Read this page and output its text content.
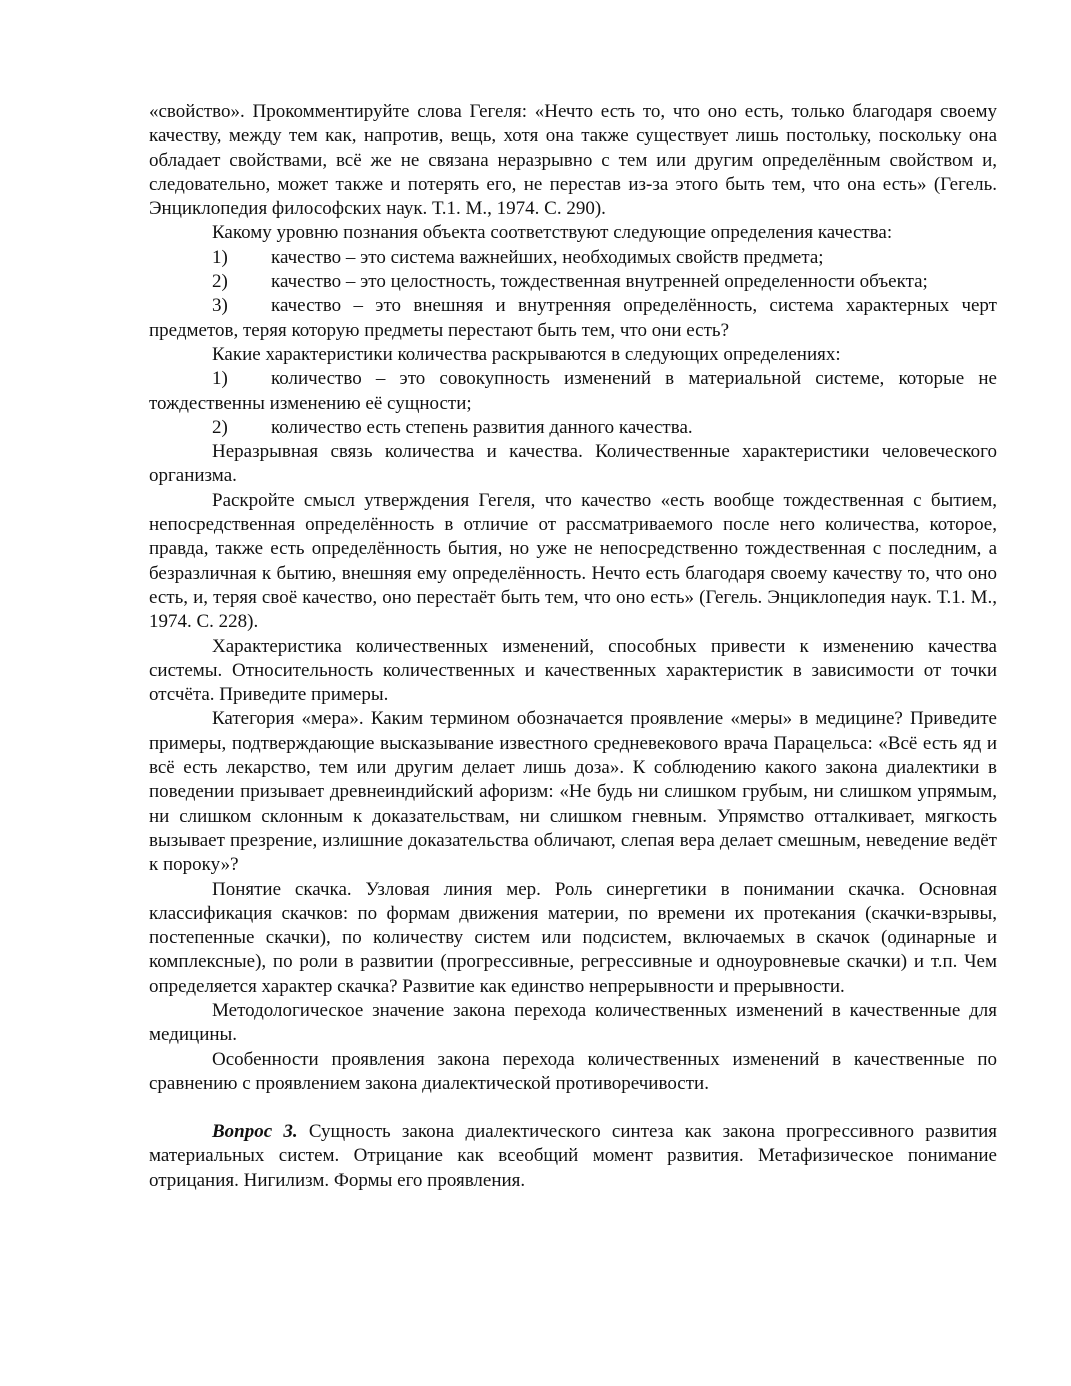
«свойство». Прокомментируйте слова Гегеля: «Нечто есть то, что оно есть, только благодаря своему качеству, между тем как, напротив, вещь, хотя она также существует лишь постольку, поскольку она обладает свойствами, всё же не связана неразрывно с тем или другим определённым свойством и, следовательно, может также и потерять его, не перестав из-за этого быть тем, что она есть» (Гегель. Энциклопедия философских наук. Т.1. М., 1974. С. 290).

Какому уровню познания объекта соответствуют следующие определения качества:

1) качество – это система важнейших, необходимых свойств предмета;

2) качество – это целостность, тождественная внутренней определенности объекта;

3) качество – это внешняя и внутренняя определённость, система характерных черт предметов, теряя которую предметы перестают быть тем, что они есть?

Какие характеристики количества раскрываются в следующих определениях:

1) количество – это совокупность изменений в материальной системе, которые не тождественны изменению её сущности;

2) количество есть степень развития данного качества.

Неразрывная связь количества и качества. Количественные характеристики человеческого организма.

Раскройте смысл утверждения Гегеля, что качество «есть вообще тождественная с бытием, непосредственная определённость в отличие от рассматриваемого после него количества, которое, правда, также есть определённость бытия, но уже не непосредственно тождественная с последним, а безразличная к бытию, внешняя ему определённость. Нечто есть благодаря своему качеству то, что оно есть, и, теряя своё качество, оно перестаёт быть тем, что оно есть» (Гегель. Энциклопедия наук. Т.1. М., 1974. С. 228).

Характеристика количественных изменений, способных привести к изменению качества системы. Относительность количественных и качественных характеристик в зависимости от точки отсчёта. Приведите примеры.

Категория «мера». Каким термином обозначается проявление «меры» в медицине? Приведите примеры, подтверждающие высказывание известного средневекового врача Парацельса: «Всё есть яд и всё есть лекарство, тем или другим делает лишь доза». К соблюдению какого закона диалектики в поведении призывает древнеиндийский афоризм: «Не будь ни слишком грубым, ни слишком упрямым, ни слишком склонным к доказательствам, ни слишком гневным. Упрямство отталкивает, мягкость вызывает презрение, излишние доказательства обличают, слепая вера делает смешным, неведение ведёт к пороку»?

Понятие скачка. Узловая линия мер. Роль синергетики в понимании скачка. Основная классификация скачков: по формам движения материи, по времени их протекания (скачки-взрывы, постепенные скачки), по количеству систем или подсистем, включаемых в скачок (одинарные и комплексные), по роли в развитии (прогрессивные, регрессивные и одноуровневые скачки) и т.п. Чем определяется характер скачка? Развитие как единство непрерывности и прерывности.

Методологическое значение закона перехода количественных изменений в качественные для медицины.

Особенности проявления закона перехода количественных изменений в качественные по сравнению с проявлением закона диалектической противоречивости.

Вопрос 3. Сущность закона диалектического синтеза как закона прогрессивного развития материальных систем. Отрицание как всеобщий момент развития. Метафизическое понимание отрицания. Нигилизм. Формы его проявления.
